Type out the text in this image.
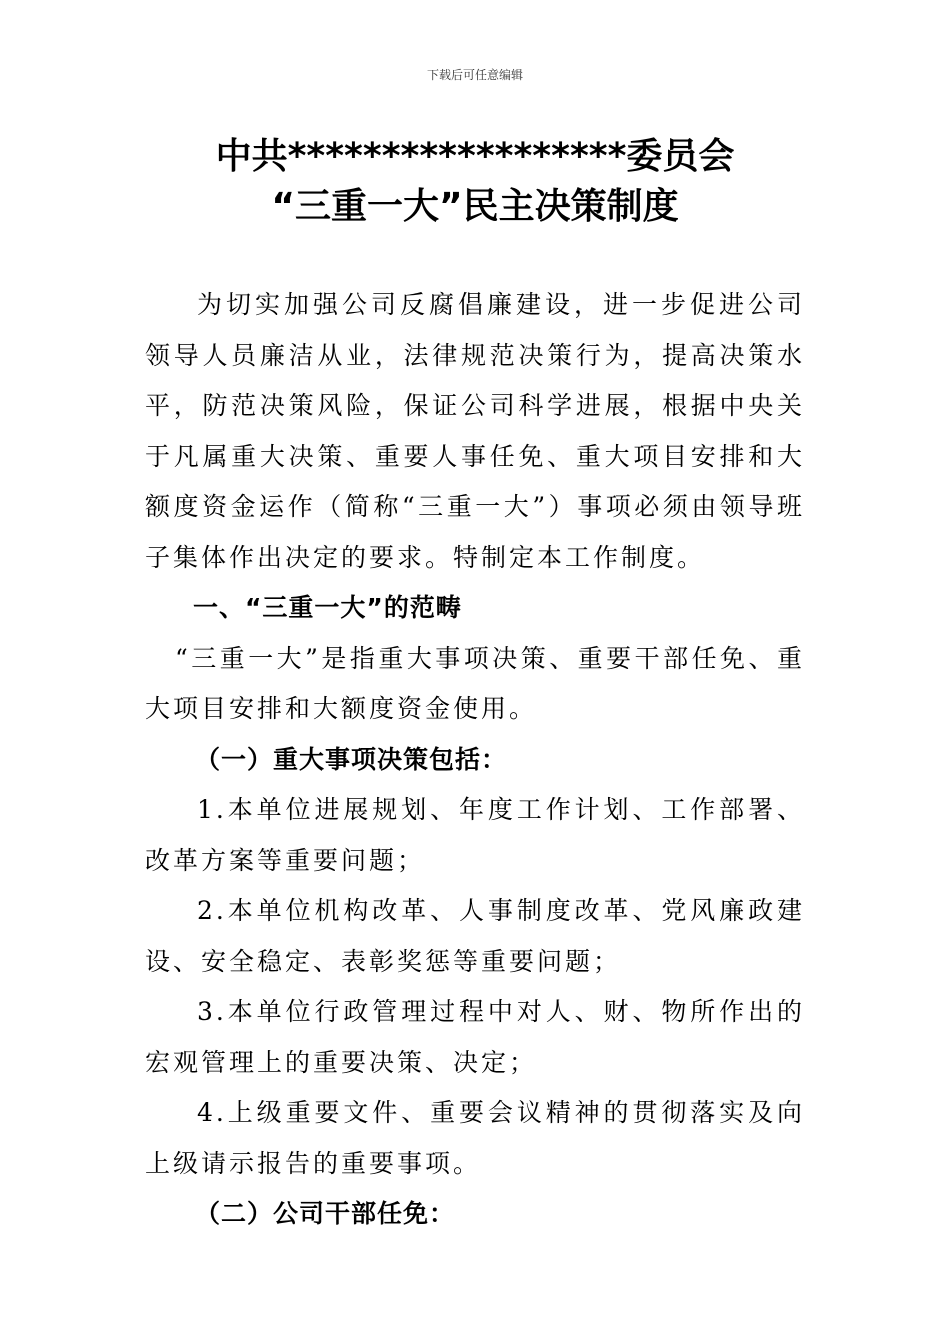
下载后可任意编辑
中共******************委员会
“三重一大”民主决策制度

为切实加强公司反腐倡廉建设，进一步促进公司领导人员廉洁从业，法律规范决策行为，提高决策水平，防范决策风险，保证公司科学进展，根据中央关于凡属重大决策、重要人事任免、重大项目安排和大额度资金运作（简称“三重一大”）事项必须由领导班子集体作出决定的要求。特制定本工作制度。

一、“三重一大”的范畴

“三重一大”是指重大事项决策、重要干部任免、重大项目安排和大额度资金使用。

（一）重大事项决策包括：

1.本单位进展规划、年度工作计划、工作部署、改革方案等重要问题；

2.本单位机构改革、人事制度改革、党风廉政建设、安全稳定、表彰奖惩等重要问题；

3.本单位行政管理过程中对人、财、物所作出的宏观管理上的重要决策、决定；

4.上级重要文件、重要会议精神的贯彻落实及向上级请示报告的重要事项。

（二）公司干部任免：
